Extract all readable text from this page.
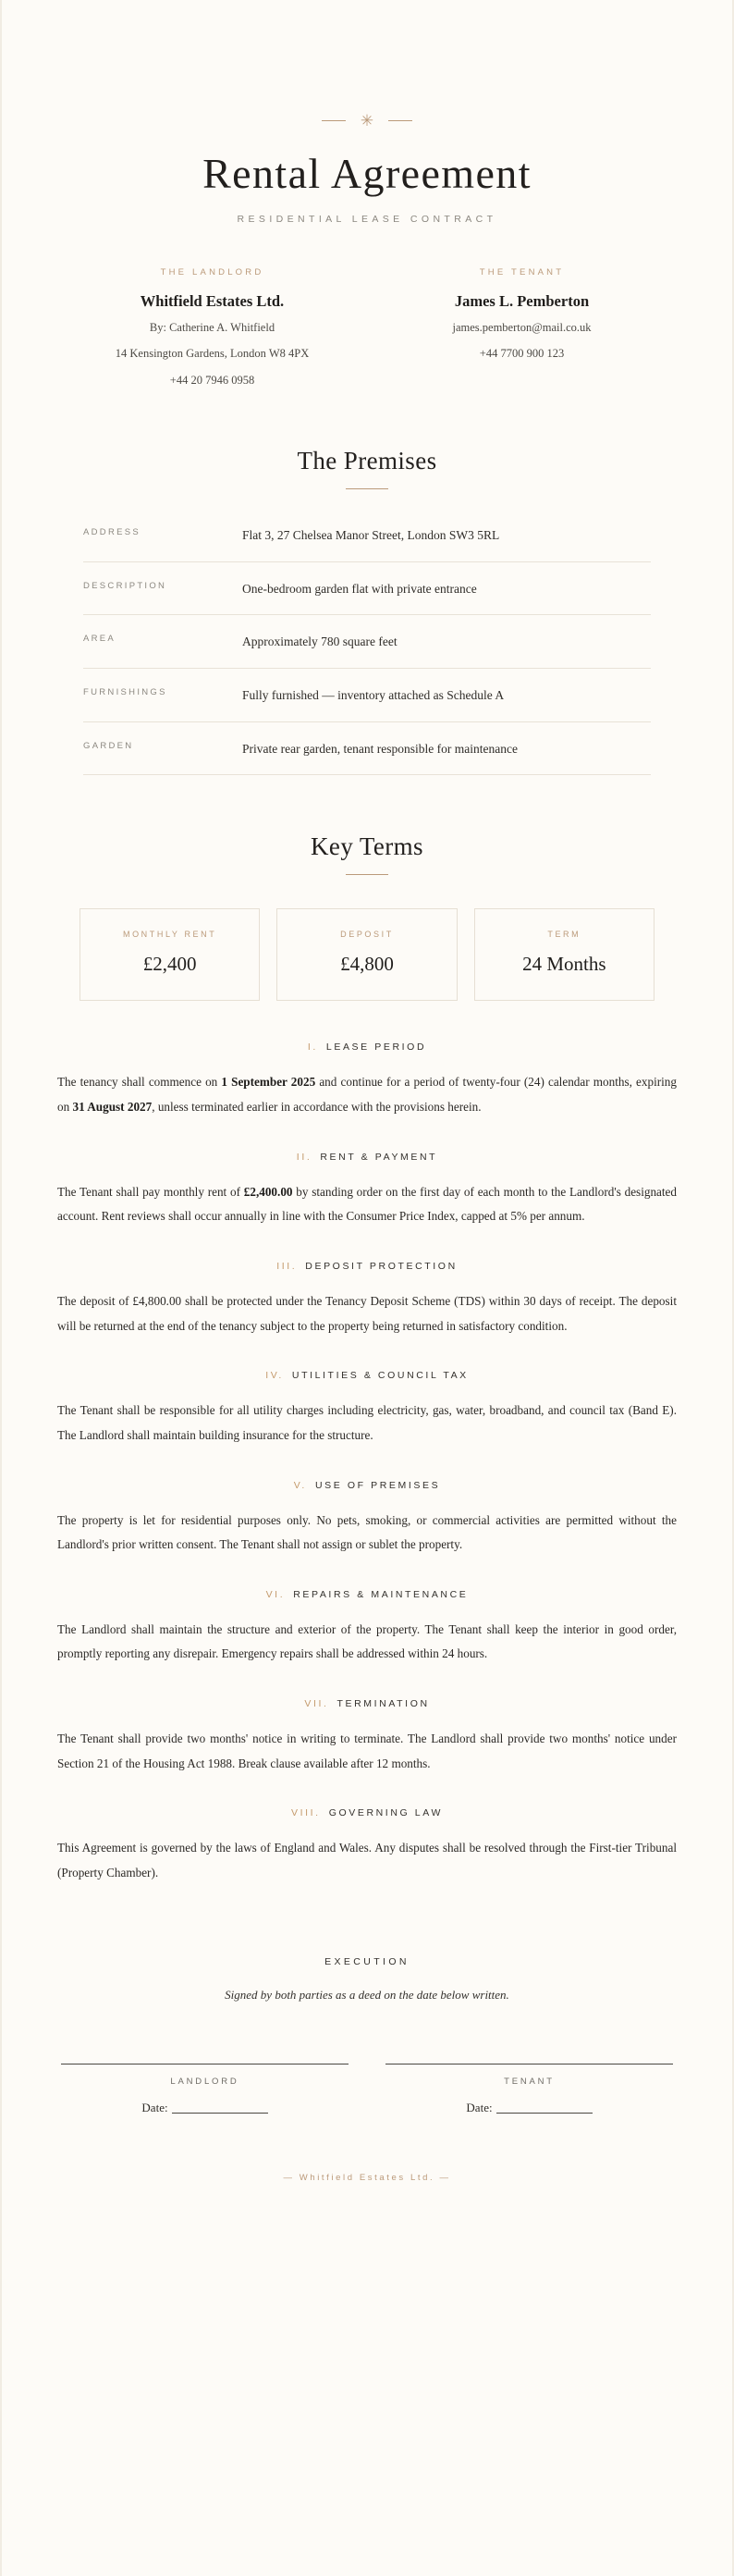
✳
Rental Agreement
RESIDENTIAL LEASE CONTRACT
THE LANDLORD
Whitfield Estates Ltd.
By: Catherine A. Whitfield
14 Kensington Gardens, London W8 4PX
+44 20 7946 0958
THE TENANT
James L. Pemberton
james.pemberton@mail.co.uk
+44 7700 900 123
The Premises
ADDRESS	Flat 3, 27 Chelsea Manor Street, London SW3 5RL
DESCRIPTION	One-bedroom garden flat with private entrance
AREA	Approximately 780 square feet
FURNISHINGS	Fully furnished — inventory attached as Schedule A
GARDEN	Private rear garden, tenant responsible for maintenance
Key Terms
MONTHLY RENT
£2,400
DEPOSIT
£4,800
TERM
24 Months
I. LEASE PERIOD
The tenancy shall commence on 1 September 2025 and continue for a period of twenty-four (24) calendar months, expiring on 31 August 2027, unless terminated earlier in accordance with the provisions herein.
II. RENT & PAYMENT
The Tenant shall pay monthly rent of £2,400.00 by standing order on the first day of each month to the Landlord's designated account. Rent reviews shall occur annually in line with the Consumer Price Index, capped at 5% per annum.
III. DEPOSIT PROTECTION
The deposit of £4,800.00 shall be protected under the Tenancy Deposit Scheme (TDS) within 30 days of receipt. The deposit will be returned at the end of the tenancy subject to the property being returned in satisfactory condition.
IV. UTILITIES & COUNCIL TAX
The Tenant shall be responsible for all utility charges including electricity, gas, water, broadband, and council tax (Band E). The Landlord shall maintain building insurance for the structure.
V. USE OF PREMISES
The property is let for residential purposes only. No pets, smoking, or commercial activities are permitted without the Landlord's prior written consent. The Tenant shall not assign or sublet the property.
VI. REPAIRS & MAINTENANCE
The Landlord shall maintain the structure and exterior of the property. The Tenant shall keep the interior in good order, promptly reporting any disrepair. Emergency repairs shall be addressed within 24 hours.
VII. TERMINATION
The Tenant shall provide two months' notice in writing to terminate. The Landlord shall provide two months' notice under Section 21 of the Housing Act 1988. Break clause available after 12 months.
VIII. GOVERNING LAW
This Agreement is governed by the laws of England and Wales. Any disputes shall be resolved through the First-tier Tribunal (Property Chamber).
EXECUTION
Signed by both parties as a deed on the date below written.
LANDLORD
Date:
TENANT
Date:
— Whitfield Estates Ltd. —
